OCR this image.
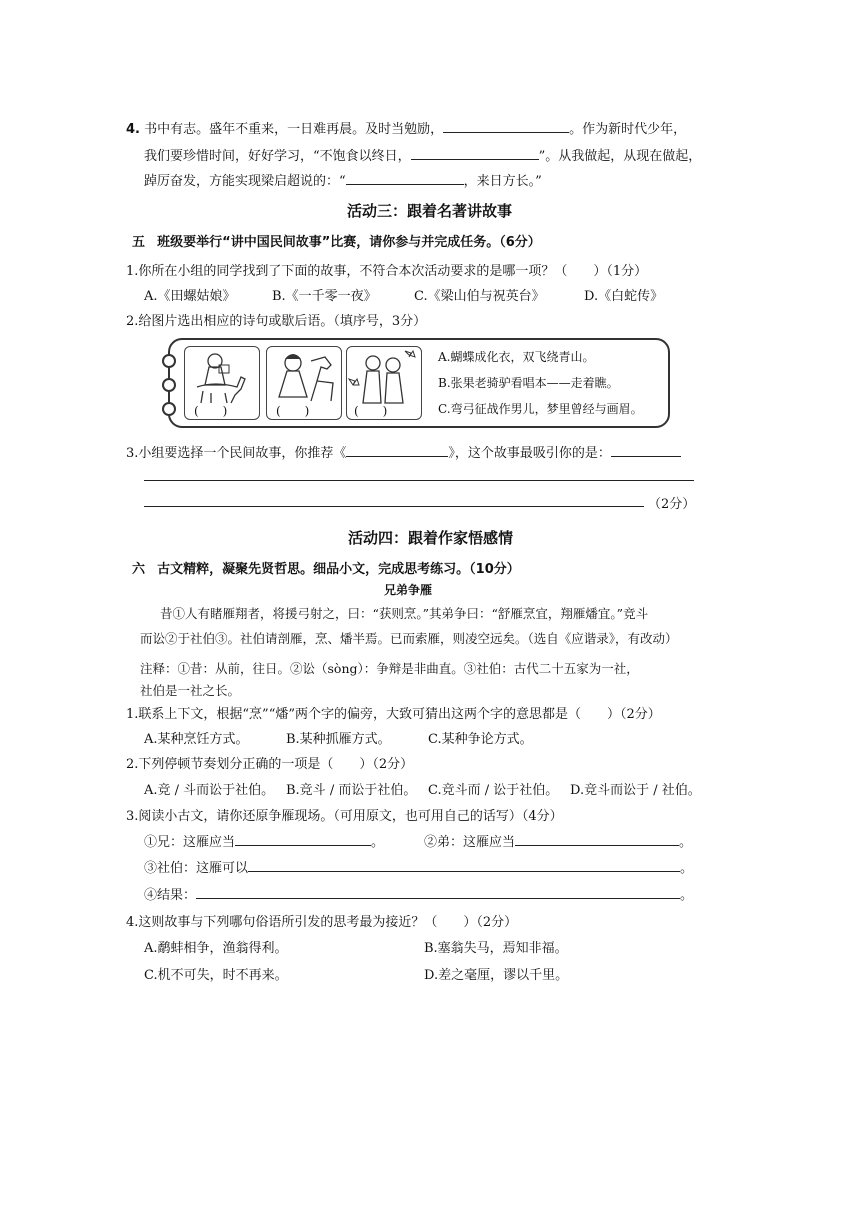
4. 书中有志。盛年不重来，一日难再晨。及时当勉励，	。作为新时代少年，
我们要珍惜时间，好好学习，“不饱食以终日，	”。从我做起，从现在做起，
踔厉奋发，方能实现梁启超说的：“	，来日方长。”
活动三：跟着名著讲故事
五 班级要举行“讲中国民间故事”比赛，请你参与并完成任务。（6分）
1.你所在小组的同学找到了下面的故事，不符合本次活动要求的是哪一项？（　　）（1分）
A.《田螺姑娘》	B.《一千零一夜》	C.《梁山伯与祝英台》	D.《白蛇传》
2.给图片选出相应的诗句或歇后语。（填序号，3分）
(　　)	(　　)	(　　)
A.蝴蝶成化衣，双飞绕青山。
B.张果老骑驴看唱本——走着瞧。
C.弯弓征战作男儿，梦里曾经与画眉。
3.小组要选择一个民间故事，你推荐《	》，这个故事最吸引你的是：
（2分）
活动四：跟着作家悟感情
六 古文精粹，凝聚先贤哲思。细品小文，完成思考练习。（10分）
兄弟争雁
昔①人有睹雁翔者，将援弓射之，曰：“获则烹。”其弟争曰：“舒雁烹宜，翔雁燔宜。”竞斗
而讼②于社伯③。社伯请剖雁，烹、燔半焉。已而索雁，则凌空远矣。（选自《应谐录》，有改动）
注释：①昔：从前，往日。②讼（sòng）：争辩是非曲直。③社伯：古代二十五家为一社，
社伯是一社之长。
1.联系上下文，根据“烹”“燔”两个字的偏旁，大致可猜出这两个字的意思都是（　　）（2分）
A.某种烹饪方式。	B.某种抓雁方式。	C.某种争论方式。
2.下列停顿节奏划分正确的一项是（　　）（2分）
A.竞 / 斗而讼于社伯。 B.竞斗 / 而讼于社伯。 C.竞斗而 / 讼于社伯。 D.竞斗而讼于 / 社伯。
3.阅读小古文，请你还原争雁现场。（可用原文，也可用自己的话写）（4分）
①兄：这雁应当	。	②弟：这雁应当	。
③社伯：这雁可以	。
④结果：	。
4.这则故事与下列哪句俗语所引发的思考最为接近？（　　）（2分）
A.鹬蚌相争，渔翁得利。	B.塞翁失马，焉知非福。
C.机不可失，时不再来。	D.差之毫厘，谬以千里。
